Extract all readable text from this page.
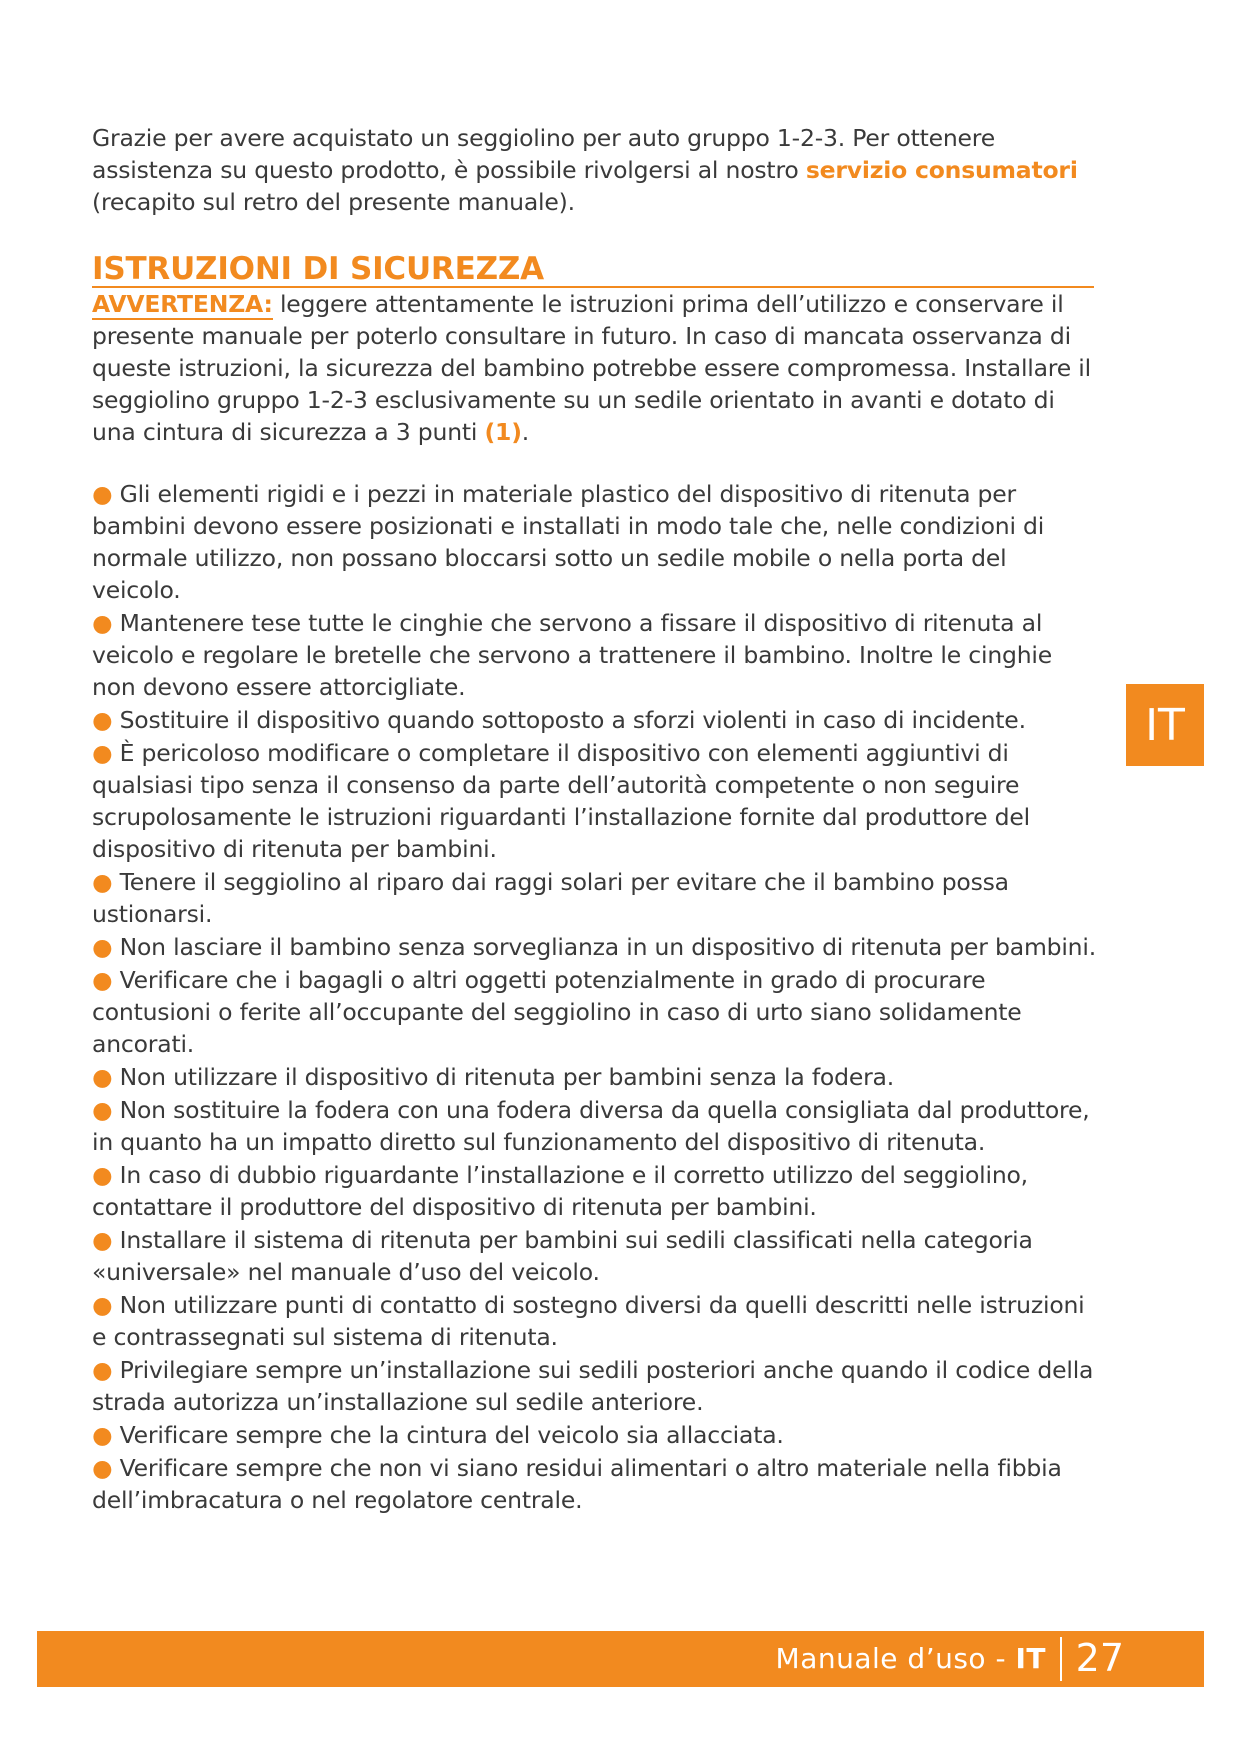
Grazie per avere acquistato un seggiolino per auto gruppo 1-2-3. Per ottenere assistenza su questo prodotto, è possibile rivolgersi al nostro servizio consumatori (recapito sul retro del presente manuale).

ISTRUZIONI DI SICUREZZA

AVVERTENZA: leggere attentamente le istruzioni prima dell’utilizzo e conservare il presente manuale per poterlo consultare in futuro. In caso di mancata osservanza di queste istruzioni, la sicurezza del bambino potrebbe essere compromessa. Installare il seggiolino gruppo 1-2-3 esclusivamente su un sedile orientato in avanti e dotato di una cintura di sicurezza a 3 punti (1).

● Gli elementi rigidi e i pezzi in materiale plastico del dispositivo di ritenuta per bambini devono essere posizionati e installati in modo tale che, nelle condizioni di normale utilizzo, non possano bloccarsi sotto un sedile mobile o nella porta del veicolo.
● Mantenere tese tutte le cinghie che servono a fissare il dispositivo di ritenuta al veicolo e regolare le bretelle che servono a trattenere il bambino. Inoltre le cinghie non devono essere attorcigliate.
● Sostituire il dispositivo quando sottoposto a sforzi violenti in caso di incidente.
● È pericoloso modificare o completare il dispositivo con elementi aggiuntivi di qualsiasi tipo senza il consenso da parte dell’autorità competente o non seguire scrupolosamente le istruzioni riguardanti l’installazione fornite dal produttore del dispositivo di ritenuta per bambini.
● Tenere il seggiolino al riparo dai raggi solari per evitare che il bambino possa ustionarsi.
● Non lasciare il bambino senza sorveglianza in un dispositivo di ritenuta per bambini.
● Verificare che i bagagli o altri oggetti potenzialmente in grado di procurare contusioni o ferite all’occupante del seggiolino in caso di urto siano solidamente ancorati.
● Non utilizzare il dispositivo di ritenuta per bambini senza la fodera.
● Non sostituire la fodera con una fodera diversa da quella consigliata dal produttore, in quanto ha un impatto diretto sul funzionamento del dispositivo di ritenuta.
● In caso di dubbio riguardante l’installazione e il corretto utilizzo del seggiolino, contattare il produttore del dispositivo di ritenuta per bambini.
● Installare il sistema di ritenuta per bambini sui sedili classificati nella categoria «universale» nel manuale d’uso del veicolo.
● Non utilizzare punti di contatto di sostegno diversi da quelli descritti nelle istruzioni e contrassegnati sul sistema di ritenuta.
● Privilegiare sempre un’installazione sui sedili posteriori anche quando il codice della strada autorizza un’installazione sul sedile anteriore.
● Verificare sempre che la cintura del veicolo sia allacciata.
● Verificare sempre che non vi siano residui alimentari o altro materiale nella fibbia dell’imbracatura o nel regolatore centrale.
IT
Manuale d’uso - IT 27
